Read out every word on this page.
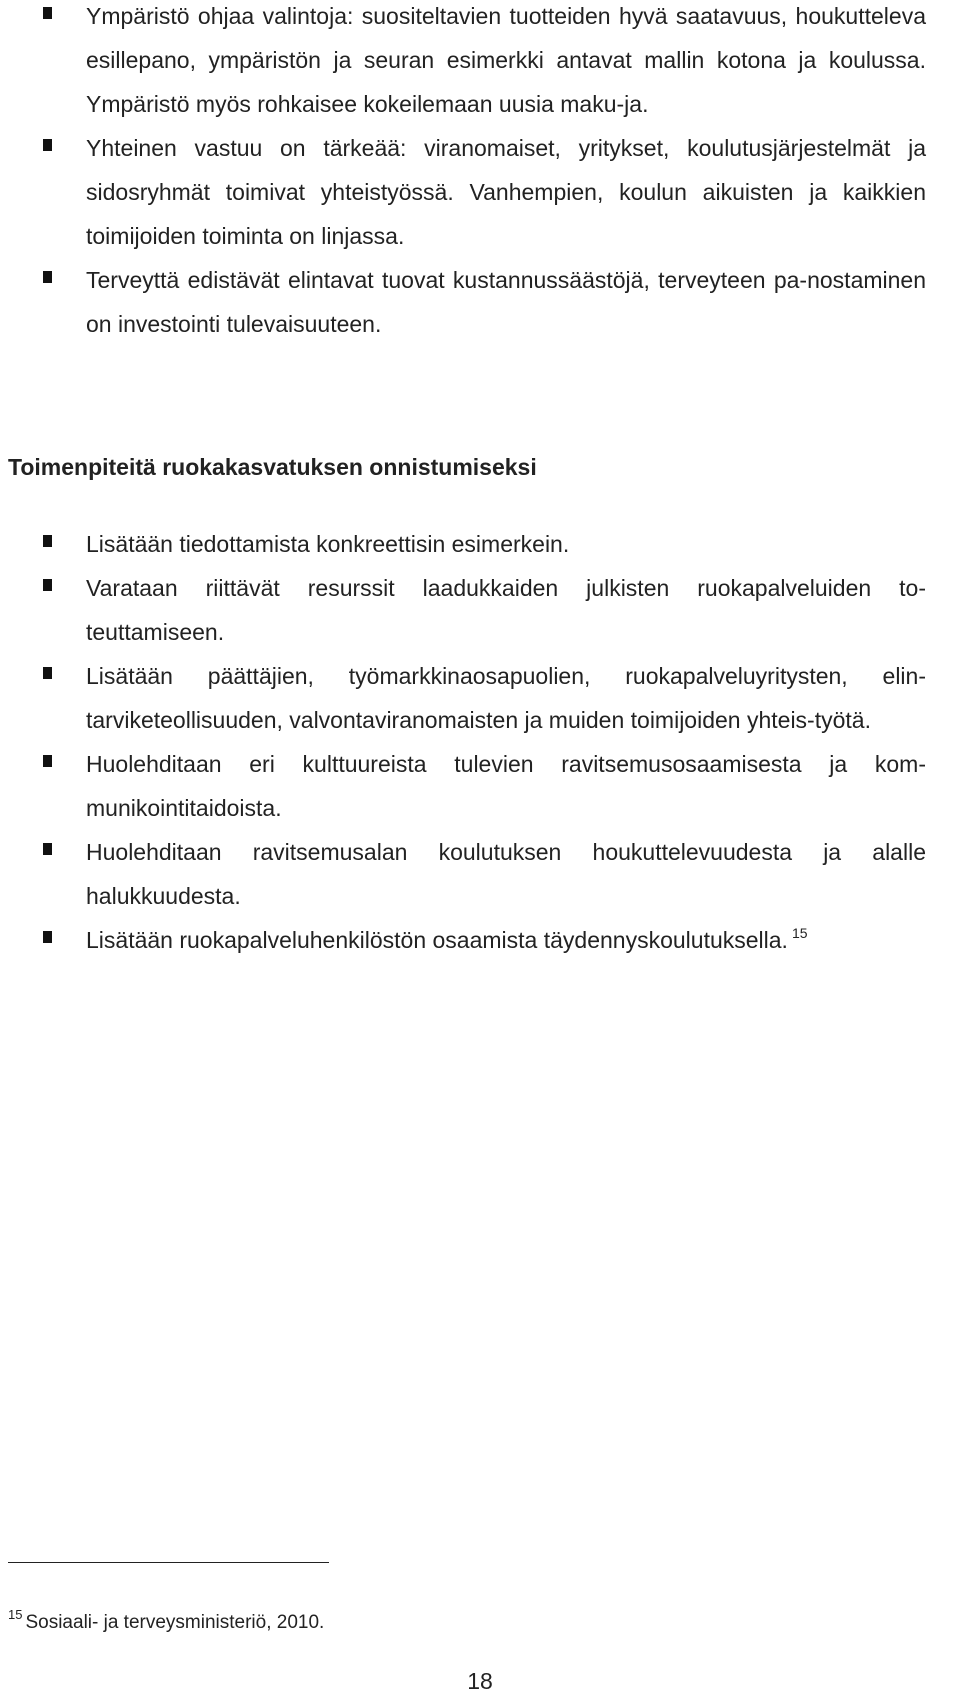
Ympäristö ohjaa valintoja: suositeltavien tuotteiden hyvä saatavuus, houkutteleva esillepano, ympäristön ja seuran esimerkki antavat mallin kotona ja koulussa. Ympäristö myös rohkaisee kokeilemaan uusia maku-ja.
Yhteinen vastuu on tärkeää: viranomaiset, yritykset, koulutusjärjestelmät ja sidosryhmät toimivat yhteistyössä. Vanhempien, koulun aikuisten ja kaikkien toimijoiden toiminta on linjassa.
Terveyttä edistävät elintavat tuovat kustannussäästöjä, terveyteen pa-nostaminen on investointi tulevaisuuteen.
Toimenpiteitä ruokakasvatuksen onnistumiseksi
Lisätään tiedottamista konkreettisin esimerkein.
Varataan riittävät resurssit laadukkaiden julkisten ruokapalveluiden to-teuttamiseen.
Lisätään päättäjien, työmarkkinaosapuolien, ruokapalveluyritysten, elin-tarviketeollisuuden, valvontaviranomaisten ja muiden toimijoiden yhteis-työtä.
Huolehditaan eri kulttuureista tulevien ravitsemusosaamisesta ja kom-munikointitaidoista.
Huolehditaan ravitsemusalan koulutuksen houkuttelevuudesta ja alalle halukkuudesta.
Lisätään ruokapalveluhenkilöstön osaamista täydennyskoulutuksella. $^{15}$
$^{15}$ Sosiaali- ja terveysministeriö, 2010.
18
